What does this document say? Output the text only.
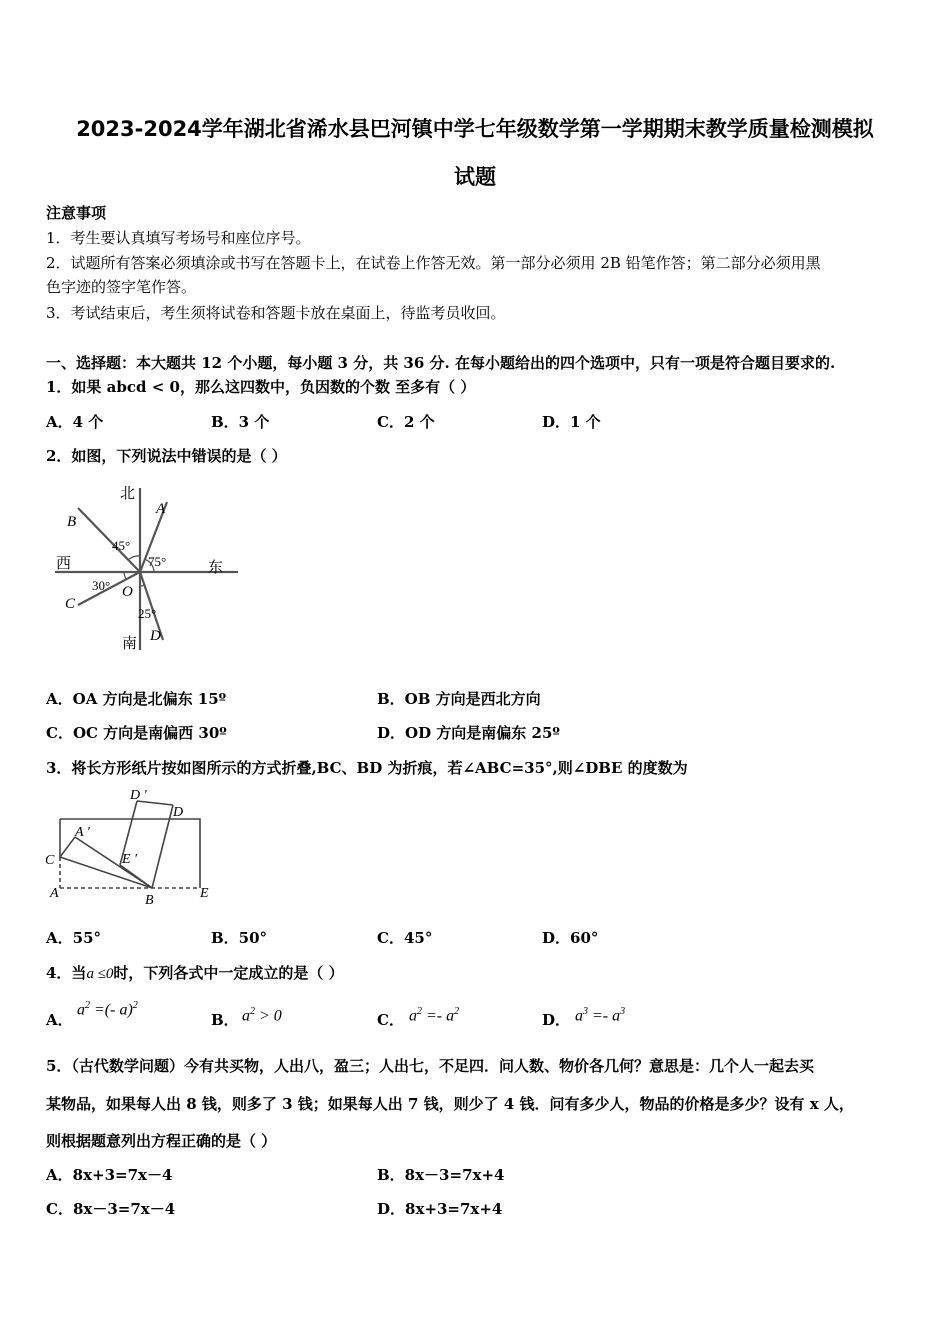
2023-2024学年湖北省浠水县巴河镇中学七年级数学第一学期期末教学质量检测模拟
试题
注意事项
1．考生要认真填写考场号和座位序号。
2．试题所有答案必须填涂或书写在答题卡上，在试卷上作答无效。第一部分必须用 2B 铅笔作答；第二部分必须用黑
色字迹的签字笔作答。
3．考试结束后，考生须将试卷和答题卡放在桌面上，待监考员收回。
一、选择题：本大题共 12 个小题，每小题 3 分，共 36 分. 在每小题给出的四个选项中，只有一项是符合题目要求的.
1．如果 abcd < 0，那么这四数中，负因数的个数 至多有（ ）
A．4 个	B．3 个	C．2 个	D．1 个
2．如图，下列说法中错误的是（ ）
北
南
西	东
B
A
C
D
O
45°
75°
30°
25°
A．OA 方向是北偏东 15º	B．OB 方向是西北方向
C．OC 方向是南偏西 30º	D．OD 方向是南偏东 25º
3．将长方形纸片按如图所示的方式折叠,BC、BD 为折痕，若∠ABC=35°,则∠DBE 的度数为
D ′
D
A ′
C	E ′
A	B	E
A．55°	B．50°	C．45°	D．60°
4．当a ≤0时，下列各式中一定成立的是（ ）
A．
$a^2$ =(- a)$^2$
B． $a^2 > 0$	C． $a^2 =- a^2$	D． $a^3 =- a^3$
5．（古代数学问题）今有共买物，人出八，盈三；人出七，不足四．问人数、物价各几何？意思是：几个人一起去买
某物品，如果每人出 8 钱，则多了 3 钱；如果每人出 7 钱，则少了 4 钱．问有多少人，物品的价格是多少？设有 x 人，
则根据题意列出方程正确的是（ ）
A．8x+3=7x－4	B．8x－3=7x+4
C．8x－3=7x－4	D．8x+3=7x+4
